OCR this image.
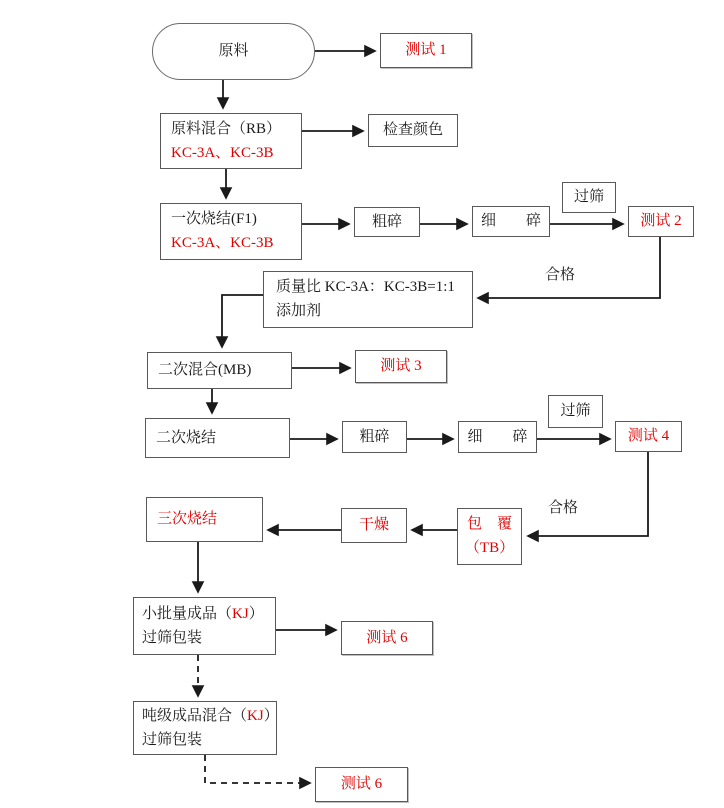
原料	测试 1
原料混合（RB）
KC-3A、KC-3B
检查颜色
一次烧结(F1)
KC-3A、KC-3B
粗碎	细　　碎
过筛
测试 2
合格
质量比 KC-3A：KC-3B=1:1
添加剂
二次混合(MB)	测试 3
二次烧结	粗碎	细　　碎
过筛
测试 4
合格
三次烧结	干燥	包　覆
（TB）
小批量成品（KJ）
过筛包装	测试 6
吨级成品混合（KJ）
过筛包装
测试 6
